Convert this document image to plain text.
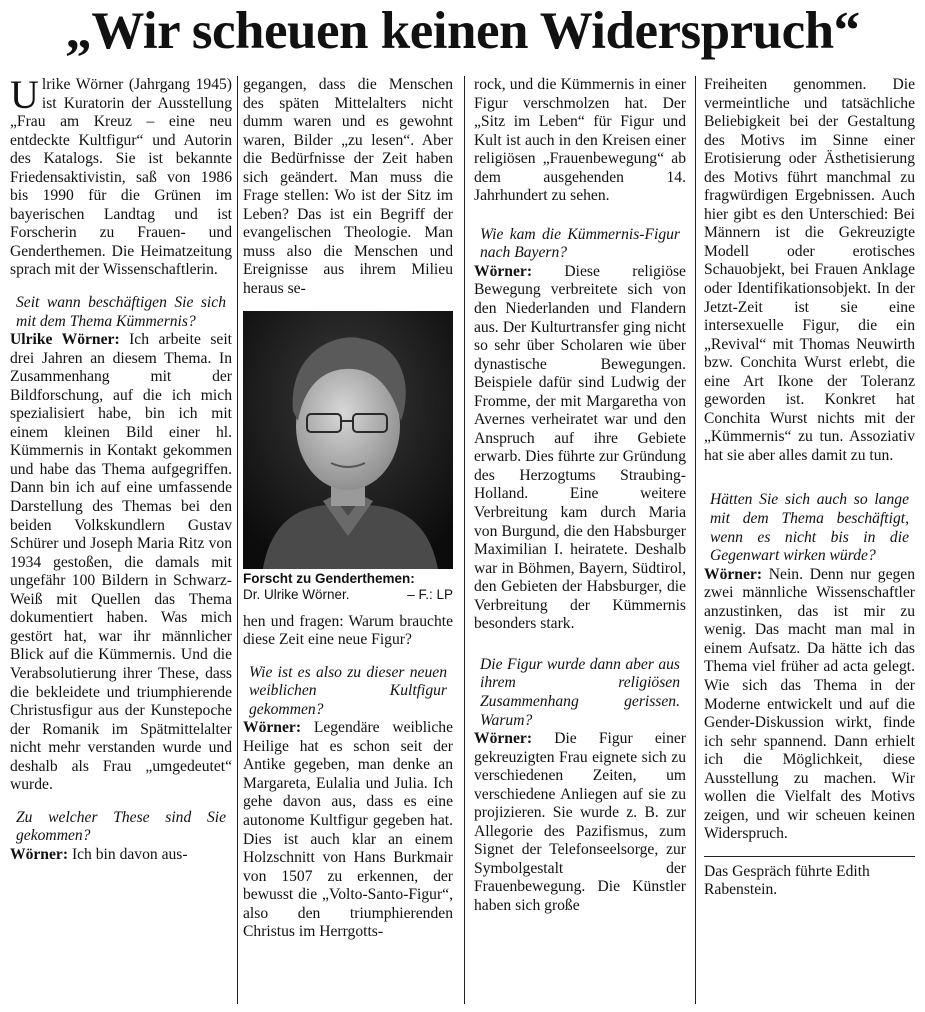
„Wir scheuen keinen Widerspruch“

Ulrike Wörner (Jahrgang 1945) ist Kuratorin der Ausstellung „Frau am Kreuz – eine neu entdeckte Kultfigur“ und Autorin des Katalogs. Sie ist bekannte Friedensaktivistin, saß von 1986 bis 1990 für die Grünen im bayerischen Landtag und ist Forscherin zu Frauen- und Genderthemen. Die Heimatzeitung sprach mit der Wissenschaftlerin.

Seit wann beschäftigen Sie sich mit dem Thema Kümmernis?

Ulrike Wörner: Ich arbeite seit drei Jahren an diesem Thema. In Zusammenhang mit der Bildforschung, auf die ich mich spezialisiert habe, bin ich mit einem kleinen Bild einer hl. Kümmernis in Kontakt gekommen und habe das Thema aufgegriffen. Dann bin ich auf eine umfassende Darstellung des Themas bei den beiden Volkskundlern Gustav Schürer und Joseph Maria Ritz von 1934 gestoßen, die damals mit ungefähr 100 Bildern in Schwarz-Weiß mit Quellen das Thema dokumentiert haben. Was mich gestört hat, war ihr männlicher Blick auf die Kümmernis. Und die Verabsolutierung ihrer These, dass die bekleidete und triumphierende Christusfigur aus der Kunstepoche der Romanik im Spätmittelalter nicht mehr verstanden wurde und deshalb als Frau „umgedeutet“ wurde.

Zu welcher These sind Sie gekommen?

Wörner: Ich bin davon aus-

gegangen, dass die Menschen des späten Mittelalters nicht dumm waren und es gewohnt waren, Bilder „zu lesen“. Aber die Bedürfnisse der Zeit haben sich geändert. Man muss die Frage stellen: Wo ist der Sitz im Leben? Das ist ein Begriff der evangelischen Theologie. Man muss also die Menschen und Ereignisse aus ihrem Milieu heraus se-

Forscht zu Genderthemen:
Dr. Ulrike Wörner.	– F.: LP

hen und fragen: Warum brauchte diese Zeit eine neue Figur?

Wie ist es also zu dieser neuen weiblichen Kultfigur gekommen?

Wörner: Legendäre weibliche Heilige hat es schon seit der Antike gegeben, man denke an Margareta, Eulalia und Julia. Ich gehe davon aus, dass es eine autonome Kultfigur gegeben hat. Dies ist auch klar an einem Holzschnitt von Hans Burkmair von 1507 zu erkennen, der bewusst die „Volto-Santo-Figur“, also den triumphierenden Christus im Herrgotts-

rock, und die Kümmernis in einer Figur verschmolzen hat. Der „Sitz im Leben“ für Figur und Kult ist auch in den Kreisen einer religiösen „Frauenbewegung“ ab dem ausgehenden 14. Jahrhundert zu sehen.

Wie kam die Kümmernis-Figur nach Bayern?

Wörner: Diese religiöse Bewegung verbreitete sich von den Niederlanden und Flandern aus. Der Kulturtransfer ging nicht so sehr über Scholaren wie über dynastische Bewegungen. Beispiele dafür sind Ludwig der Fromme, der mit Margaretha von Avernes verheiratet war und den Anspruch auf ihre Gebiete erwarb. Dies führte zur Gründung des Herzogtums Straubing-Holland. Eine weitere Verbreitung kam durch Maria von Burgund, die den Habsburger Maximilian I. heiratete. Deshalb war in Böhmen, Bayern, Südtirol, den Gebieten der Habsburger, die Verbreitung der Kümmernis besonders stark.

Die Figur wurde dann aber aus ihrem religiösen Zusammenhang gerissen. Warum?

Wörner: Die Figur einer gekreuzigten Frau eignete sich zu verschiedenen Zeiten, um verschiedene Anliegen auf sie zu projizieren. Sie wurde z. B. zur Allegorie des Pazifismus, zum Signet der Telefonseelsorge, zur Symbolgestalt der Frauenbewegung. Die Künstler haben sich große

Freiheiten genommen. Die vermeintliche und tatsächliche Beliebigkeit bei der Gestaltung des Motivs im Sinne einer Erotisierung oder Ästhetisierung des Motivs führt manchmal zu fragwürdigen Ergebnissen. Auch hier gibt es den Unterschied: Bei Männern ist die Gekreuzigte Modell oder erotisches Schauobjekt, bei Frauen Anklage oder Identifikationsobjekt. In der Jetzt-Zeit ist sie eine intersexuelle Figur, die ein „Revival“ mit Thomas Neuwirth bzw. Conchita Wurst erlebt, die eine Art Ikone der Toleranz geworden ist. Konkret hat Conchita Wurst nichts mit der „Kümmernis“ zu tun. Assoziativ hat sie aber alles damit zu tun.

Hätten Sie sich auch so lange mit dem Thema beschäftigt, wenn es nicht bis in die Gegenwart wirken würde?

Wörner: Nein. Denn nur gegen zwei männliche Wissenschaftler anzustinken, das ist mir zu wenig. Das macht man mal in einem Aufsatz. Da hätte ich das Thema viel früher ad acta gelegt. Wie sich das Thema in der Moderne entwickelt und auf die Gender-Diskussion wirkt, finde ich sehr spannend. Dann erhielt ich die Möglichkeit, diese Ausstellung zu machen. Wir wollen die Vielfalt des Motivs zeigen, und wir scheuen keinen Widerspruch.

Das Gespräch führte Edith Rabenstein.
